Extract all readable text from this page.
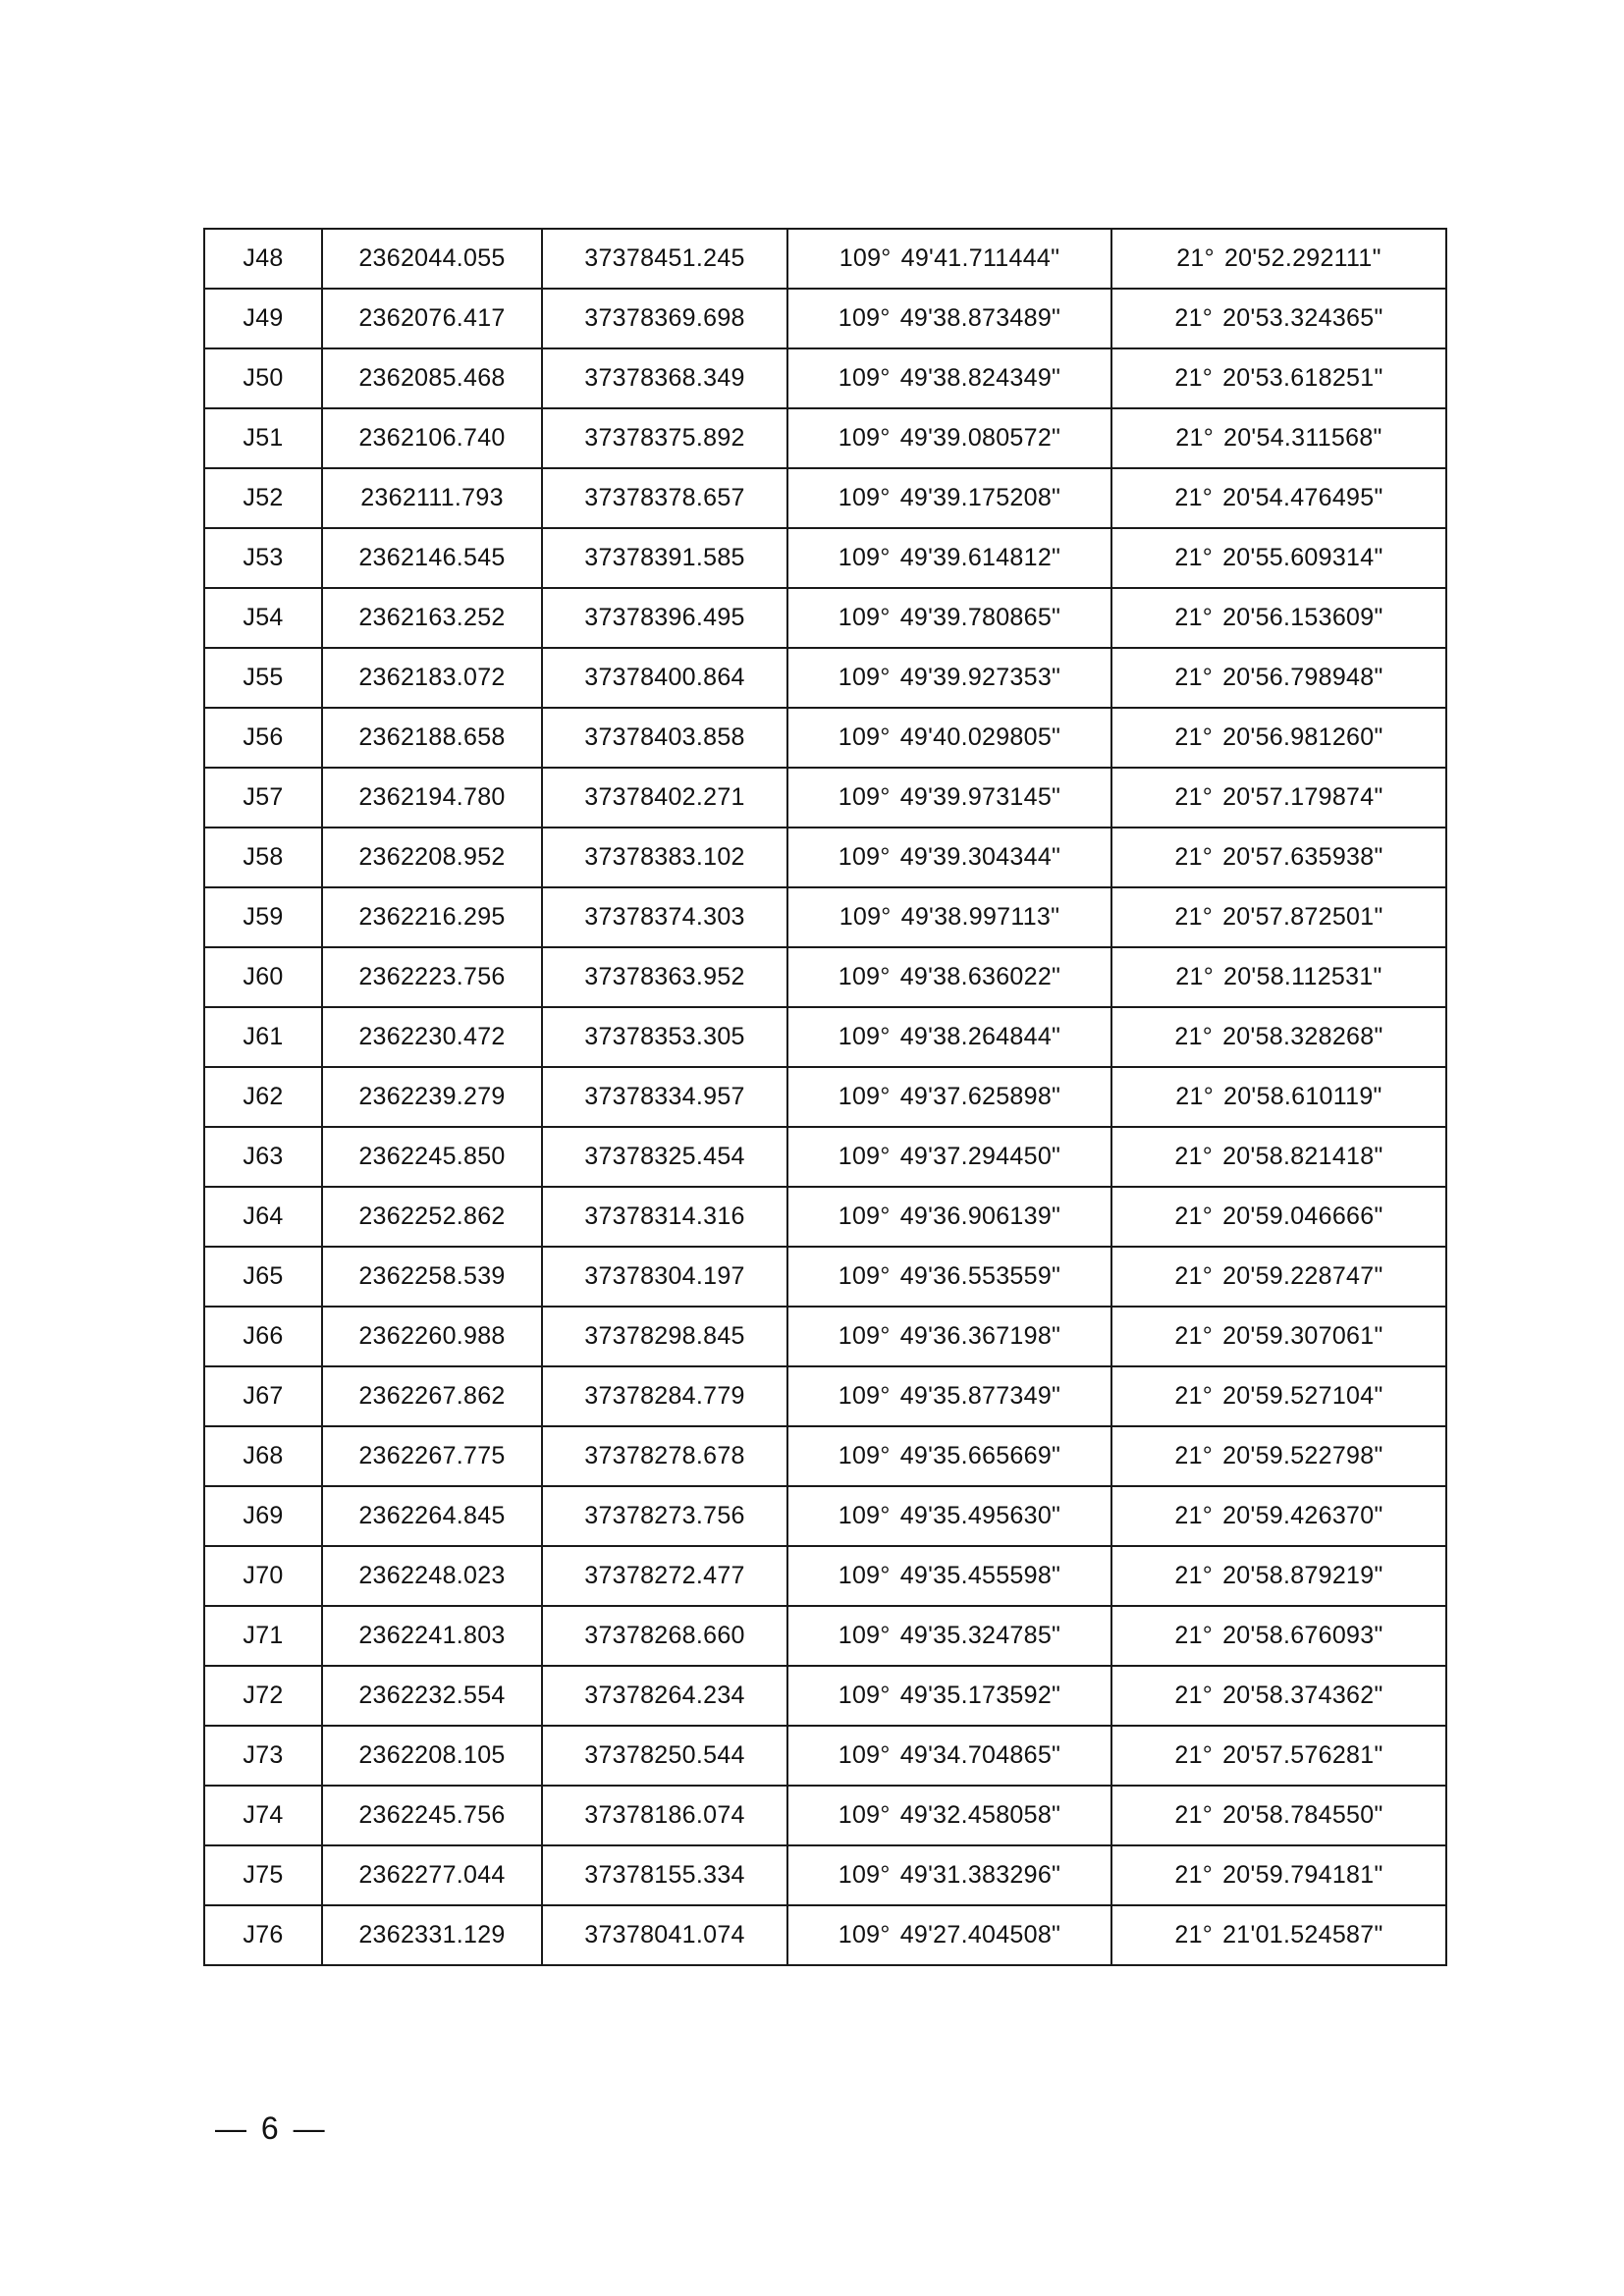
J48	2362044.055	37378451.245	109° 49'41.711444"	21° 20'52.292111"
J49	2362076.417	37378369.698	109° 49'38.873489"	21° 20'53.324365"
J50	2362085.468	37378368.349	109° 49'38.824349"	21° 20'53.618251"
J51	2362106.740	37378375.892	109° 49'39.080572"	21° 20'54.311568"
J52	2362111.793	37378378.657	109° 49'39.175208"	21° 20'54.476495"
J53	2362146.545	37378391.585	109° 49'39.614812"	21° 20'55.609314"
J54	2362163.252	37378396.495	109° 49'39.780865"	21° 20'56.153609"
J55	2362183.072	37378400.864	109° 49'39.927353"	21° 20'56.798948"
J56	2362188.658	37378403.858	109° 49'40.029805"	21° 20'56.981260"
J57	2362194.780	37378402.271	109° 49'39.973145"	21° 20'57.179874"
J58	2362208.952	37378383.102	109° 49'39.304344"	21° 20'57.635938"
J59	2362216.295	37378374.303	109° 49'38.997113"	21° 20'57.872501"
J60	2362223.756	37378363.952	109° 49'38.636022"	21° 20'58.112531"
J61	2362230.472	37378353.305	109° 49'38.264844"	21° 20'58.328268"
J62	2362239.279	37378334.957	109° 49'37.625898"	21° 20'58.610119"
J63	2362245.850	37378325.454	109° 49'37.294450"	21° 20'58.821418"
J64	2362252.862	37378314.316	109° 49'36.906139"	21° 20'59.046666"
J65	2362258.539	37378304.197	109° 49'36.553559"	21° 20'59.228747"
J66	2362260.988	37378298.845	109° 49'36.367198"	21° 20'59.307061"
J67	2362267.862	37378284.779	109° 49'35.877349"	21° 20'59.527104"
J68	2362267.775	37378278.678	109° 49'35.665669"	21° 20'59.522798"
J69	2362264.845	37378273.756	109° 49'35.495630"	21° 20'59.426370"
J70	2362248.023	37378272.477	109° 49'35.455598"	21° 20'58.879219"
J71	2362241.803	37378268.660	109° 49'35.324785"	21° 20'58.676093"
J72	2362232.554	37378264.234	109° 49'35.173592"	21° 20'58.374362"
J73	2362208.105	37378250.544	109° 49'34.704865"	21° 20'57.576281"
J74	2362245.756	37378186.074	109° 49'32.458058"	21° 20'58.784550"
J75	2362277.044	37378155.334	109° 49'31.383296"	21° 20'59.794181"
J76	2362331.129	37378041.074	109° 49'27.404508"	21° 21'01.524587"
— 6 —
